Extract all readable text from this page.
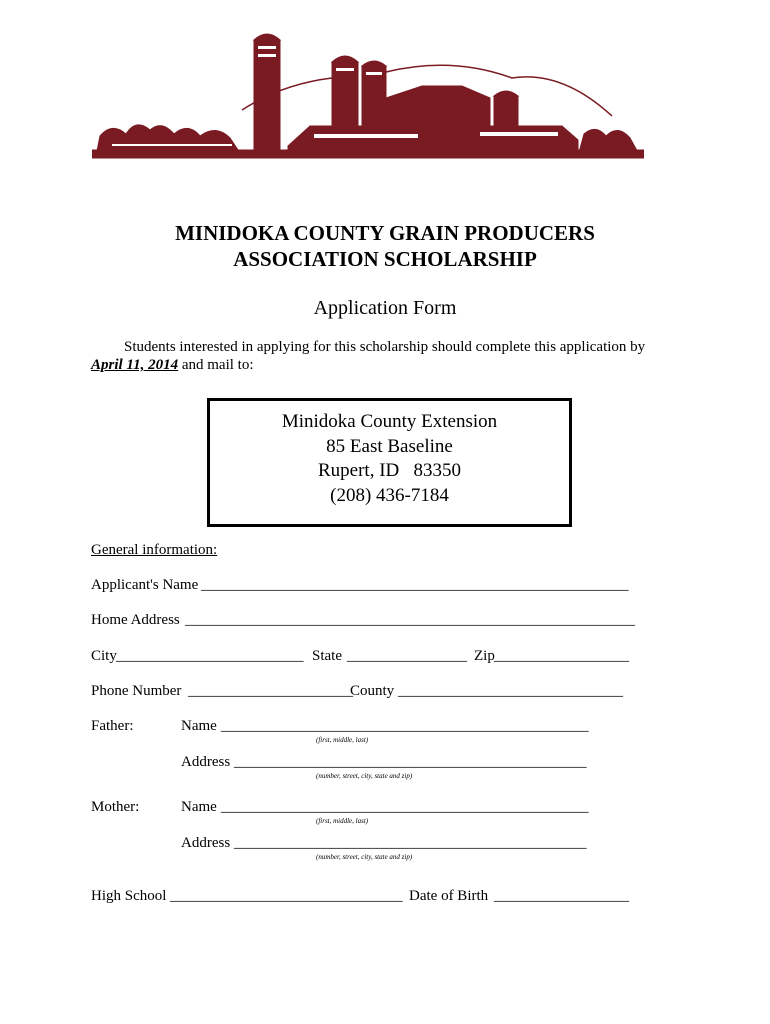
MINIDOKA COUNTY GRAIN PRODUCERS
ASSOCIATION SCHOLARSHIP
Application Form
Students interested in applying for this scholarship should complete this application by
April 11, 2014 and mail to:
Minidoka County Extension
85 East Baseline
Rupert, ID   83350
(208) 436-7184
General information:
Applicant's Name _________________________________________________________
Home Address ____________________________________________________________
City _________________________ State ________________ Zip __________________
Phone Number ______________________
County ______________________________
Father:	Name _________________________________________________
(first, middle, last)
Address _______________________________________________
(number, street, city, state and zip)
Mother:	Name _________________________________________________
(first, middle, last)
Address _______________________________________________
(number, street, city, state and zip)
High School _______________________________ Date of Birth __________________
